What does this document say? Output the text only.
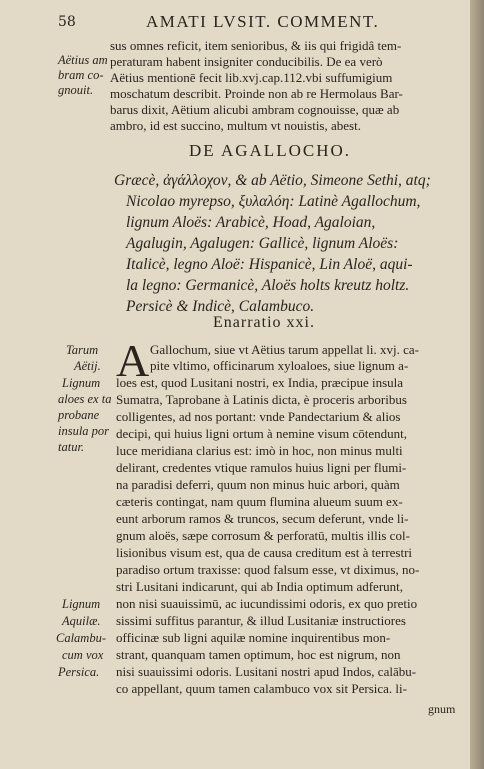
58	AMATI LVSIT. COMMENT.
sus omnes reficit, item senioribus, & iis qui frigidâ tem-
peraturam habent insigniter conducibilis. De ea verò
Aëtius mentionē fecit lib.xvj.cap.112.vbi suffumigium
moschatum describit. Proinde non ab re Hermolaus Bar-
barus dixit, Aëtium alicubi ambram cognouisse, quæ ab
ambro, id est succino, multum vt nouistis, abest.
Aëtius am
bram co-
gnouit.
DE AGALLOCHO.
Græcè, ἀγάλλοχον, & ab Aëtio, Simeone Sethi, atq;
Nicolao myrepso, ξυλαλόη: Latinè Agallochum,
lignum Aloës: Arabicè, Hoad, Agaloian,
Agalugin, Agalugen: Gallicè, lignum Aloës:
Italicè, legno Aloë: Hispanicè, Lin Aloë, aqui-
la legno: Germanicè, Aloës holts kreutz holtz.
Persicè & Indicè, Calambuco.
Enarratio xxi.
A Gallochum, siue vt Aëtius tarum appellat li. xvj. ca-
pite vltimo, officinarum xyloaloes, siue lignum a-
loes est, quod Lusitani nostri, ex India, præcipue insula
Sumatra, Taprobane à Latinis dicta, è proceris arboribus
colligentes, ad nos portant: vnde Pandectarium & alios
decipi, qui huius ligni ortum à nemine visum cōtendunt,
luce meridiana clarius est: imò in hoc, non minus multi
delirant, credentes vtique ramulos huius ligni per flumi-
na paradisi deferri, quum non minus huic arbori, quàm
cæteris contingat, nam quum flumina alueum suum ex-
eunt arborum ramos & truncos, secum deferunt, vnde li-
gnum aloës, sæpe corrosum & perforatū, multis illis col-
lisionibus visum est, qua de causa creditum est à terrestri
paradiso ortum traxisse: quod falsum esse, vt diximus, no-
stri Lusitani indicarunt, qui ab India optimum adferunt,
non nisi suauissimū, ac iucundissimi odoris, ex quo pretio
sissimi suffitus parantur, & illud Lusitaniæ instructiores
officinæ sub ligni aquilæ nomine inquirentibus mon-
strant, quanquam tamen optimum, hoc est nigrum, non
nisi suauissimi odoris. Lusitani nostri apud Indos, calābu-
co appellant, quum tamen calambuco vox sit Persica. li-
Tarum
Aëtij.
Lignum
aloes ex ta
probane
insula por
tatur.
Lignum
Aquilæ.
Calambu-
cum vox
Persica.
gnum
